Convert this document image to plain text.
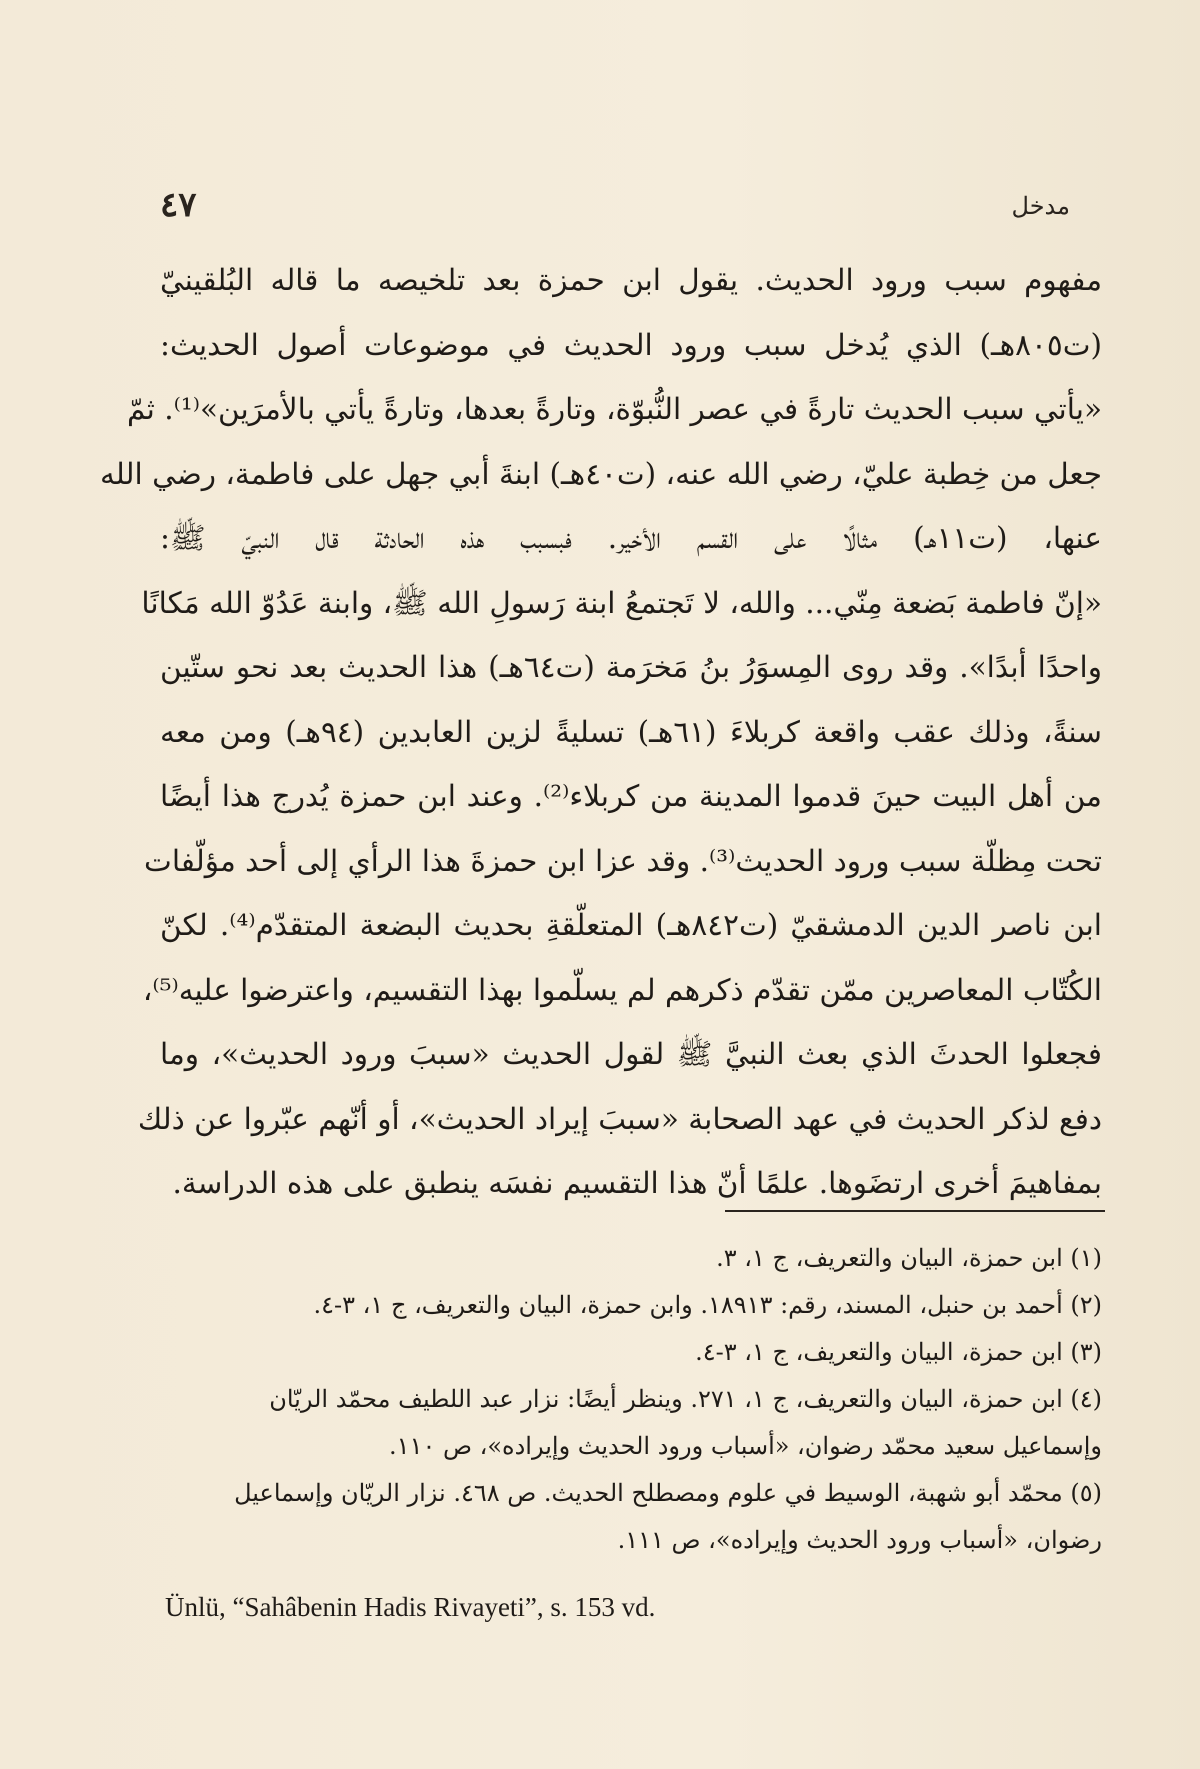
٤٧	مدخل
مفهوم سبب ورود الحديث. يقول ابن حمزة بعد تلخيصه ما قاله البُلقينيّ
(ت٨٠٥هـ) الذي يُدخل سبب ورود الحديث في موضوعات أصول الحديث:
«يأتي سبب الحديث تارةً في عصر النُّبوّة، وتارةً بعدها، وتارةً يأتي بالأمرَين»⁽¹⁾. ثمّ
جعل من خِطبة عليّ، رضي الله عنه، (ت٤٠هـ) ابنةَ أبي جهل على فاطمة، رضي الله
عنها، (ت١١هـ) مثالًا على القسم الأخير. فبسبب هذه الحادثة قال النبيّ ﷺ:
«إنّ فاطمة بَضعة مِنّي... والله، لا تَجتمعُ ابنة رَسولِ الله ﷺ، وابنة عَدُوّ الله مَكانًا
واحدًا أبدًا». وقد روى المِسوَرُ بنُ مَخرَمة (ت٦٤هـ) هذا الحديث بعد نحو ستّين
سنةً، وذلك عقب واقعة كربلاءَ (٦١هـ) تسليةً لزين العابدين (٩٤هـ) ومن معه
من أهل البيت حينَ قدموا المدينة من كربلاء⁽²⁾. وعند ابن حمزة يُدرج هذا أيضًا
تحت مِظلّة سبب ورود الحديث⁽³⁾. وقد عزا ابن حمزةَ هذا الرأي إلى أحد مؤلّفات
ابن ناصر الدين الدمشقيّ (ت٨٤٢هـ) المتعلّقةِ بحديث البضعة المتقدّم⁽⁴⁾. لكنّ
الكُتّاب المعاصرين ممّن تقدّم ذكرهم لم يسلّموا بهذا التقسيم، واعترضوا عليه⁽⁵⁾،
فجعلوا الحدثَ الذي بعث النبيَّ ﷺ لقول الحديث «سببَ ورود الحديث»، وما
دفع لذكر الحديث في عهد الصحابة «سببَ إيراد الحديث»، أو أنّهم عبّروا عن ذلك
بمفاهيمَ أخرى ارتضَوها. علمًا أنّ هذا التقسيم نفسَه ينطبق على هذه الدراسة.
(١) ابن حمزة، البيان والتعريف، ج ١، ٣.
(٢) أحمد بن حنبل، المسند، رقم: ١٨٩١٣. وابن حمزة، البيان والتعريف، ج ١، ٣-٤.
(٣) ابن حمزة، البيان والتعريف، ج ١، ٣-٤.
(٤) ابن حمزة، البيان والتعريف، ج ١، ٢٧١. وينظر أيضًا: نزار عبد اللطيف محمّد الريّان
وإسماعيل سعيد محمّد رضوان، «أسباب ورود الحديث وإيراده»، ص ١١٠.
(٥) محمّد أبو شهبة، الوسيط في علوم ومصطلح الحديث. ص ٤٦٨. نزار الريّان وإسماعيل
رضوان، «أسباب ورود الحديث وإيراده»، ص ١١١.
Ünlü, “Sahâbenin Hadis Rivayeti”, s. 153 vd.
